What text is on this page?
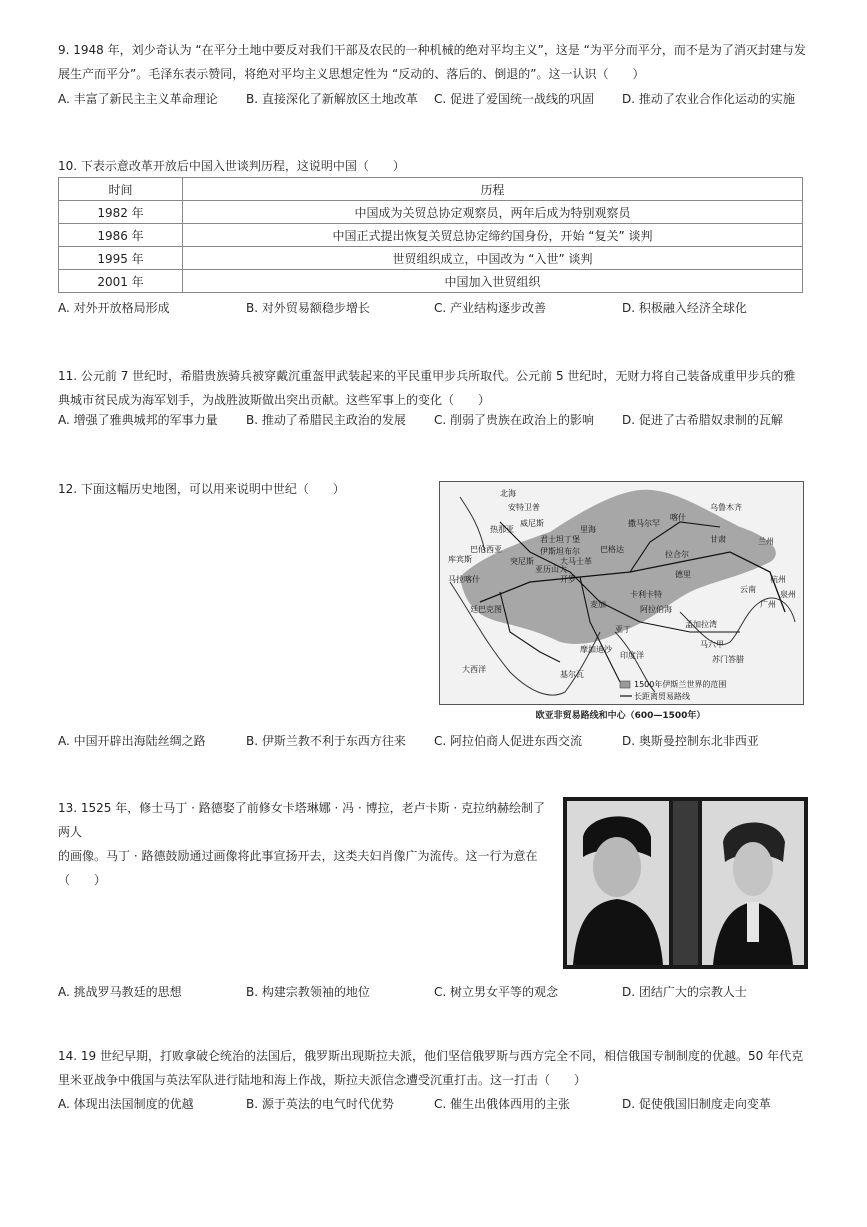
9. 1948 年，刘少奇认为 “在平分土地中要反对我们干部及农民的一种机械的绝对平均主义”，这是 “为平分而平分，而不是为了消灭封建与发展生产而平分”。毛泽东表示赞同，将绝对平均主义思想定性为 “反动的、落后的、倒退的”。这一认识（　　）

A. 丰富了新民主主义革命理论 B. 直接深化了新解放区土地改革 C. 促进了爱国统一战线的巩固 D. 推动了农业合作化运动的实施

10. 下表示意改革开放后中国入世谈判历程，这说明中国（　　）

时间	历程
1982 年	中国成为关贸总协定观察员，两年后成为特别观察员
1986 年	中国正式提出恢复关贸总协定缔约国身份，开始 “复关” 谈判
1995 年	世贸组织成立，中国改为 “入世” 谈判
2001 年	中国加入世贸组织
A. 对外开放格局形成	B. 对外贸易额稳步增长	C. 产业结构逐步改善	D. 积极融入经济全球化

11. 公元前 7 世纪时，希腊贵族骑兵被穿戴沉重盔甲武装起来的平民重甲步兵所取代。公元前 5 世纪时，无财力将自己装备成重甲步兵的雅典城市贫民成为海军划手，为战胜波斯做出突出贡献。这些军事上的变化（　　）

A. 增强了雅典城邦的军事力量 B. 推动了希腊民主政治的发展 C. 削弱了贵族在政治上的影响 D. 促进了古希腊奴隶制的瓦解

12. 下面这幅历史地图，可以用来说明中世纪（　　）	北海
安特卫普
威尼斯
热那亚
库宾斯
马拉喀什
巴伦西亚
突尼斯
开罗
亚丁
麦加
巴格达
阿拉伯海
印度洋
大西洋
卡利卡特
苏门答腊
撒马尔罕
喀什
乌鲁木齐
甘肃	兰州
杭州
广州
泉州
云南
马六甲
廷巴克图
基尔瓦
孟加拉湾
拉合尔
德里
君士坦丁堡
里海
伊斯坦布尔
亚历山大
大马士革
摩加迪沙
1500年伊斯兰世界的范围
长距离贸易路线
欧亚非贸易路线和中心（600—1500年）
A. 中国开辟出海陆丝绸之路	B. 伊斯兰教不利于东西方往来 C. 阿拉伯商人促进东西交流	D. 奥斯曼控制东北非西亚

13. 1525 年，修士马丁 · 路德娶了前修女卡塔琳娜 · 冯 · 博拉，老卢卡斯 · 克拉纳赫绘制了两人

的画像。马丁 · 路德鼓励通过画像将此事宣扬开去，这类夫妇肖像广为流传。这一行为意在

（　　）

A. 挑战罗马教廷的思想	B. 构建宗教领袖的地位	C. 树立男女平等的观念	D. 团结广大的宗教人士

14. 19 世纪早期，打败拿破仑统治的法国后，俄罗斯出现斯拉夫派，他们坚信俄罗斯与西方完全不同，相信俄国专制制度的优越。50 年代克里米亚战争中俄国与英法军队进行陆地和海上作战，斯拉夫派信念遭受沉重打击。这一打击（　　）

A. 体现出法国制度的优越	B. 源于英法的电气时代优势	C. 催生出俄体西用的主张	D. 促使俄国旧制度走向变革
